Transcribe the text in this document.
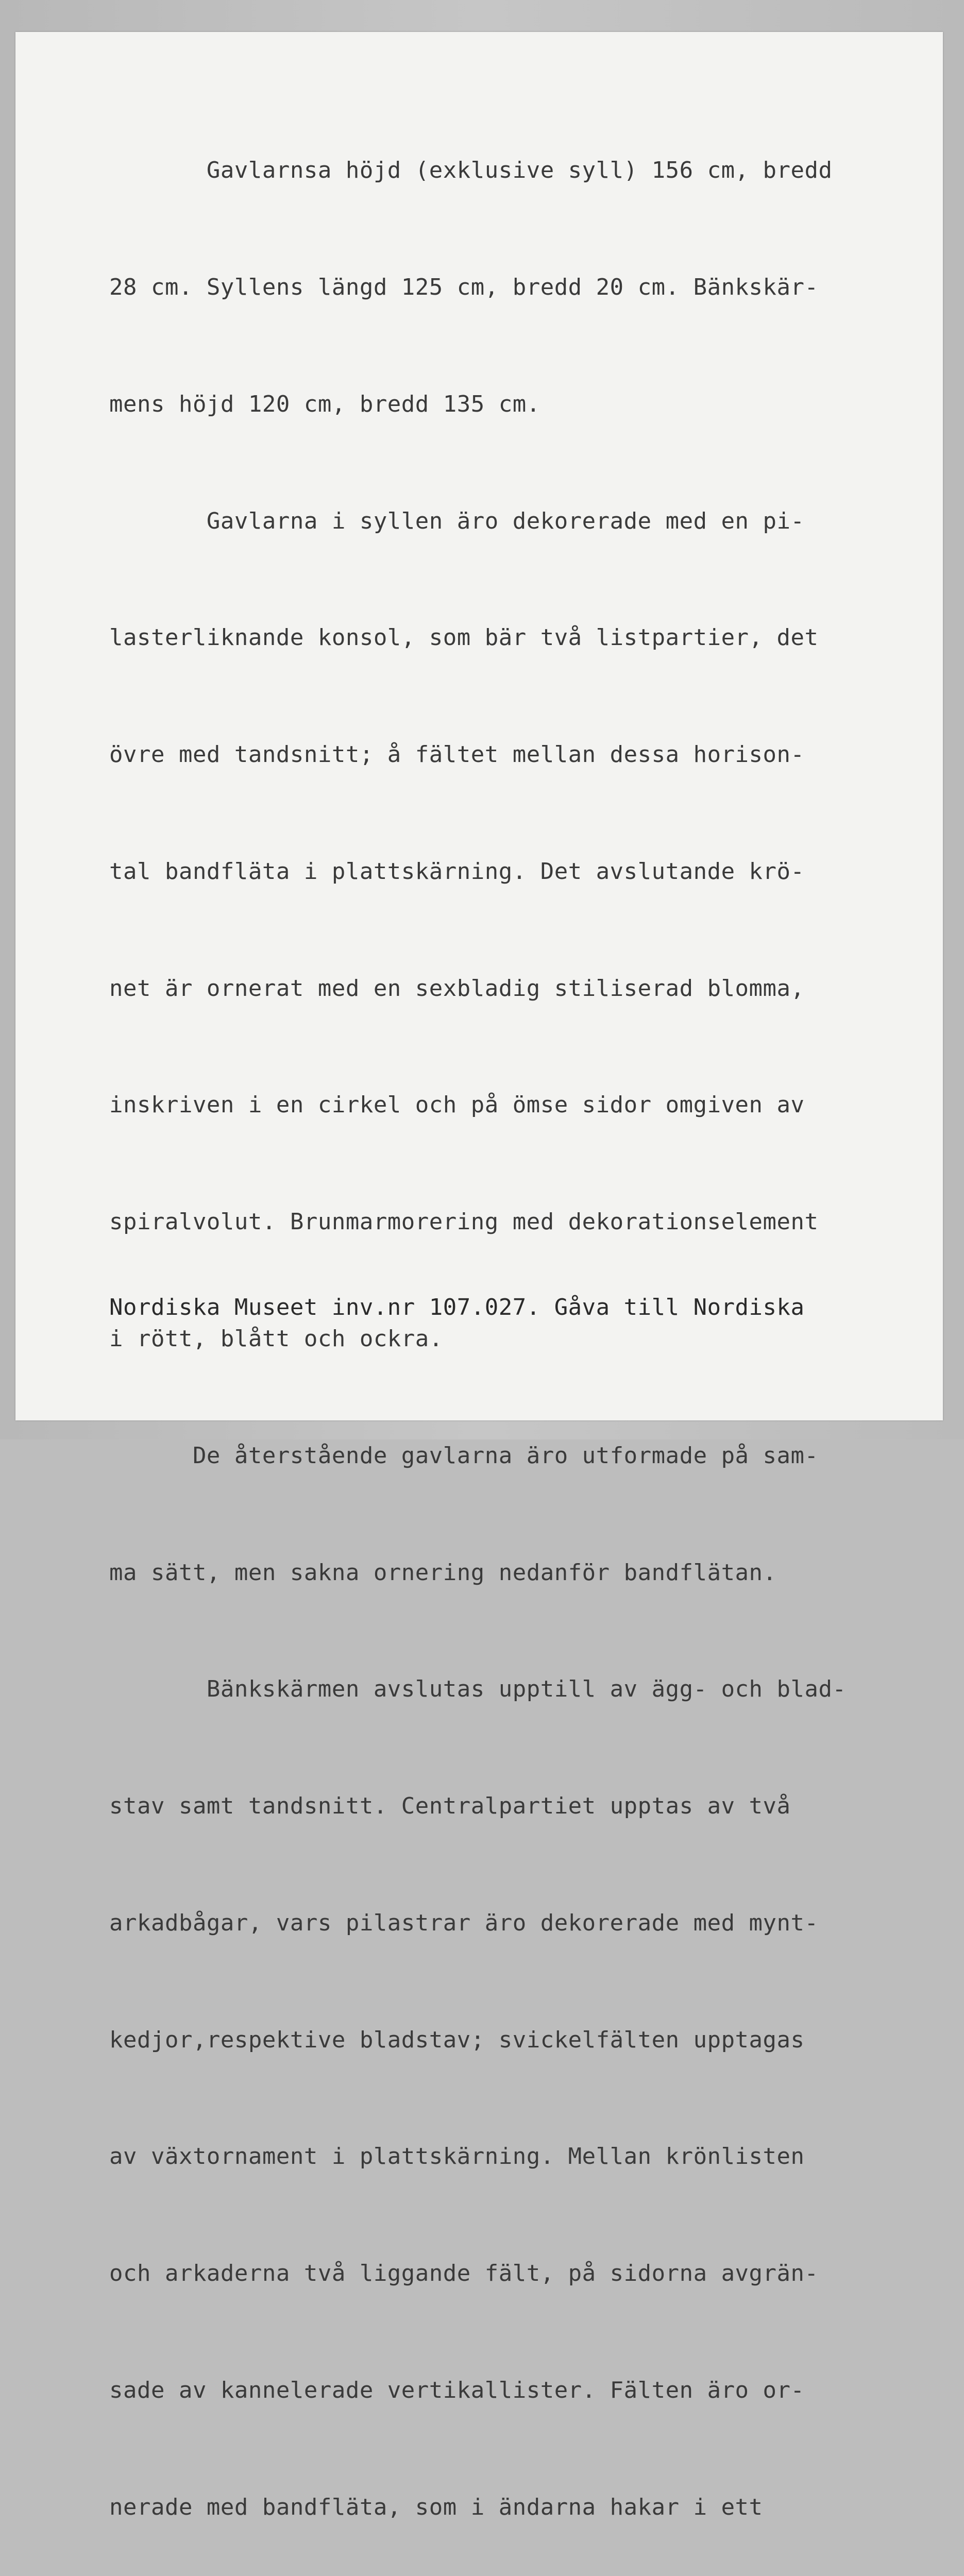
Gavlarnsa höjd (exklusive syll) 156 cm, bredd

28 cm. Syllens längd 125 cm, bredd 20 cm. Bänkskär-

mens höjd 120 cm, bredd 135 cm.

Gavlarna i syllen äro dekorerade med en pi-

lasterliknande konsol, som bär två listpartier, det

övre med tandsnitt; å fältet mellan dessa horison-

tal bandfläta i plattskärning. Det avslutande krö-

net är ornerat med en sexbladig stiliserad blomma,

inskriven i en cirkel och på ömse sidor omgiven av

spiralvolut. Brunmarmorering med dekorationselement

i rött, blått och ockra.

De återstående gavlarna äro utformade på sam-

ma sätt, men sakna ornering nedanför bandflätan.

Bänkskärmen avslutas upptill av ägg- och blad-

stav samt tandsnitt. Centralpartiet upptas av två

arkadbågar, vars pilastrar äro dekorerade med mynt-

kedjor,respektive bladstav; svickelfälten upptagas

av växtornament i plattskärning. Mellan krönlisten

och arkaderna två liggande fält, på sidorna avgrän-

sade av kannelerade vertikallister. Fälten äro or-

nerade med bandfläta, som i ändarna hakar i ett

Nordiska Museet inv.nr 107.027. Gåva till Nordiska
